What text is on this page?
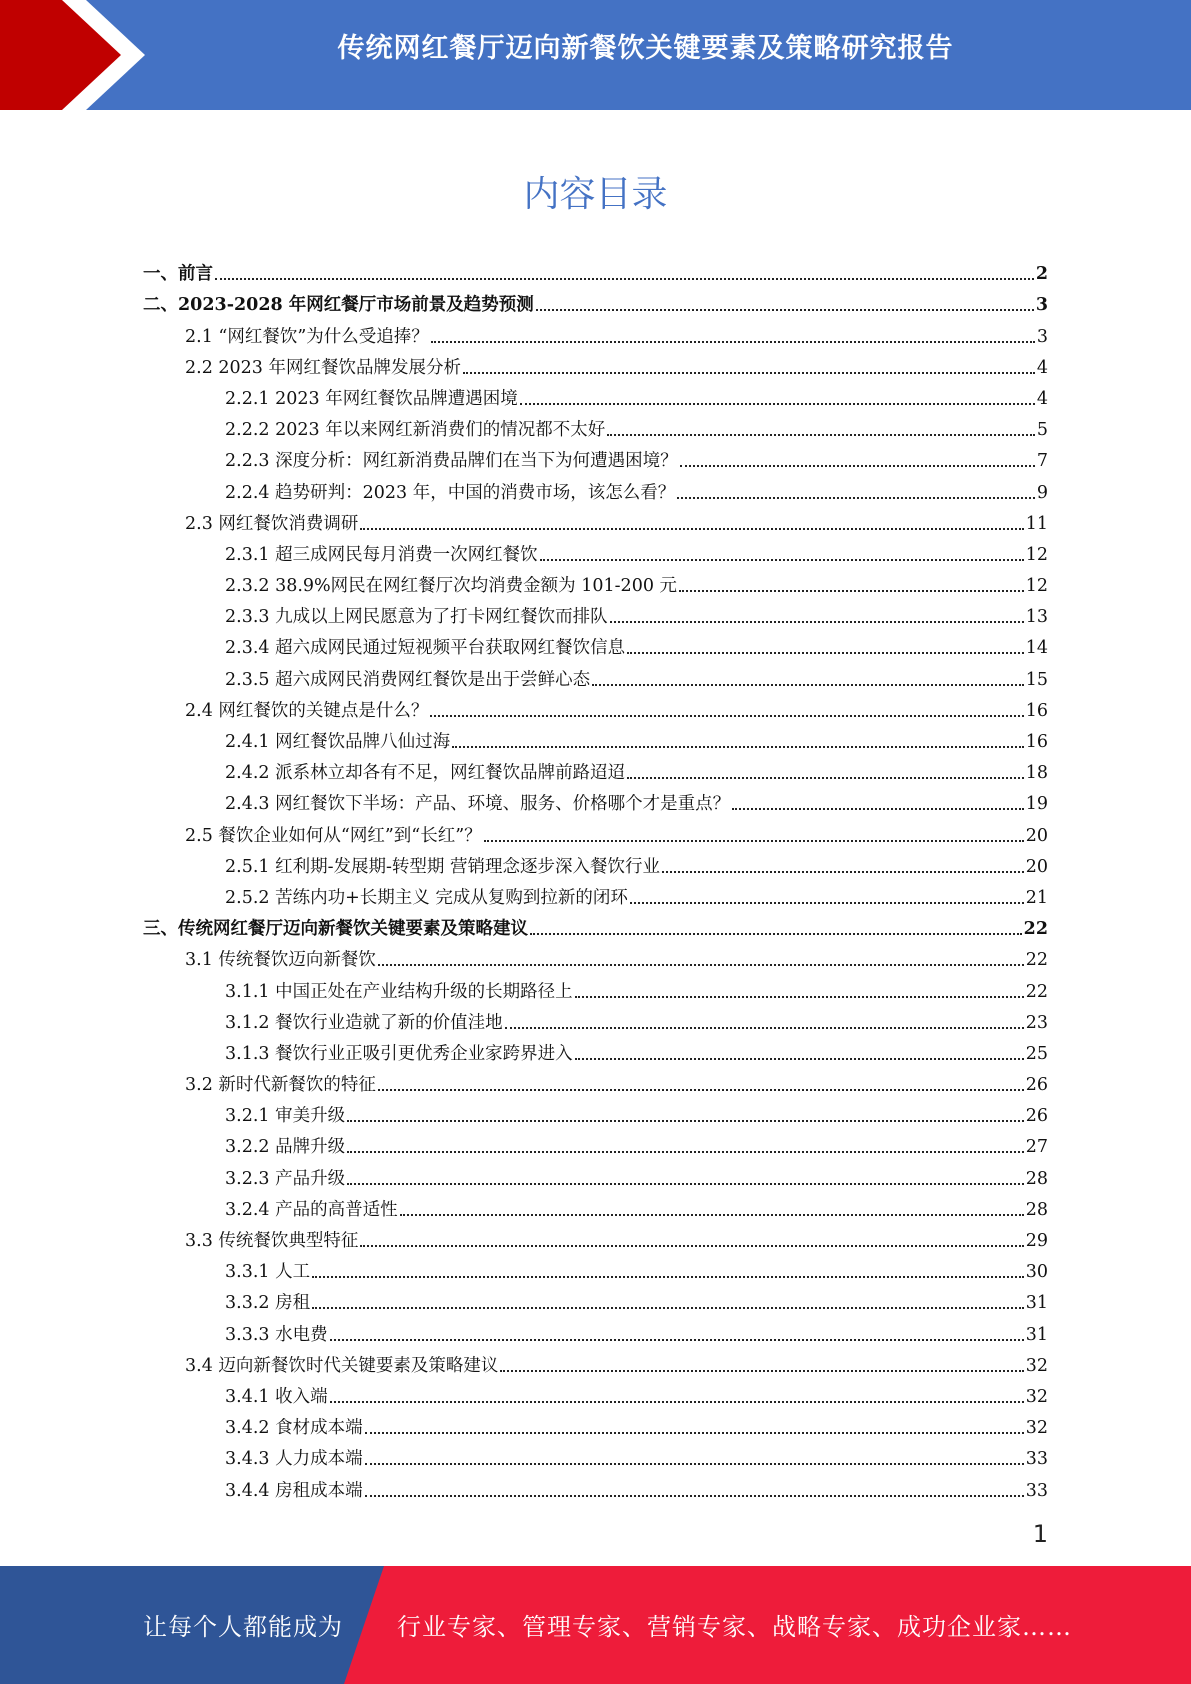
传统网红餐厅迈向新餐饮关键要素及策略研究报告
内容目录
一、前言	2
二、2023-2028 年网红餐厅市场前景及趋势预测	3
2.1 “网红餐饮”为什么受追捧？	3
2.2 2023 年网红餐饮品牌发展分析	4
2.2.1 2023 年网红餐饮品牌遭遇困境	4
2.2.2 2023 年以来网红新消费们的情况都不太好	5
2.2.3 深度分析：网红新消费品牌们在当下为何遭遇困境？	7
2.2.4 趋势研判：2023 年，中国的消费市场，该怎么看？	9
2.3 网红餐饮消费调研	11
2.3.1 超三成网民每月消费一次网红餐饮	12
2.3.2 38.9%网民在网红餐厅次均消费金额为 101-200 元	12
2.3.3 九成以上网民愿意为了打卡网红餐饮而排队	13
2.3.4 超六成网民通过短视频平台获取网红餐饮信息	14
2.3.5 超六成网民消费网红餐饮是出于尝鲜心态	15
2.4 网红餐饮的关键点是什么？	16
2.4.1 网红餐饮品牌八仙过海	16
2.4.2 派系林立却各有不足，网红餐饮品牌前路迢迢	18
2.4.3 网红餐饮下半场：产品、环境、服务、价格哪个才是重点？	19
2.5 餐饮企业如何从“网红”到“长红”？	20
2.5.1 红利期-发展期-转型期 营销理念逐步深入餐饮行业	20
2.5.2 苦练内功+长期主义 完成从复购到拉新的闭环	21
三、传统网红餐厅迈向新餐饮关键要素及策略建议	22
3.1 传统餐饮迈向新餐饮	22
3.1.1 中国正处在产业结构升级的长期路径上	22
3.1.2 餐饮行业造就了新的价值洼地	23
3.1.3 餐饮行业正吸引更优秀企业家跨界进入	25
3.2 新时代新餐饮的特征	26
3.2.1 审美升级	26
3.2.2 品牌升级	27
3.2.3 产品升级	28
3.2.4 产品的高普适性	28
3.3 传统餐饮典型特征	29
3.3.1 人工	30
3.3.2 房租	31
3.3.3 水电费	31
3.4 迈向新餐饮时代关键要素及策略建议	32
3.4.1 收入端	32
3.4.2 食材成本端	32
3.4.3 人力成本端	33
3.4.4 房租成本端	33
1
让每个人都能成为 行业专家、管理专家、营销专家、战略专家、成功企业家……
